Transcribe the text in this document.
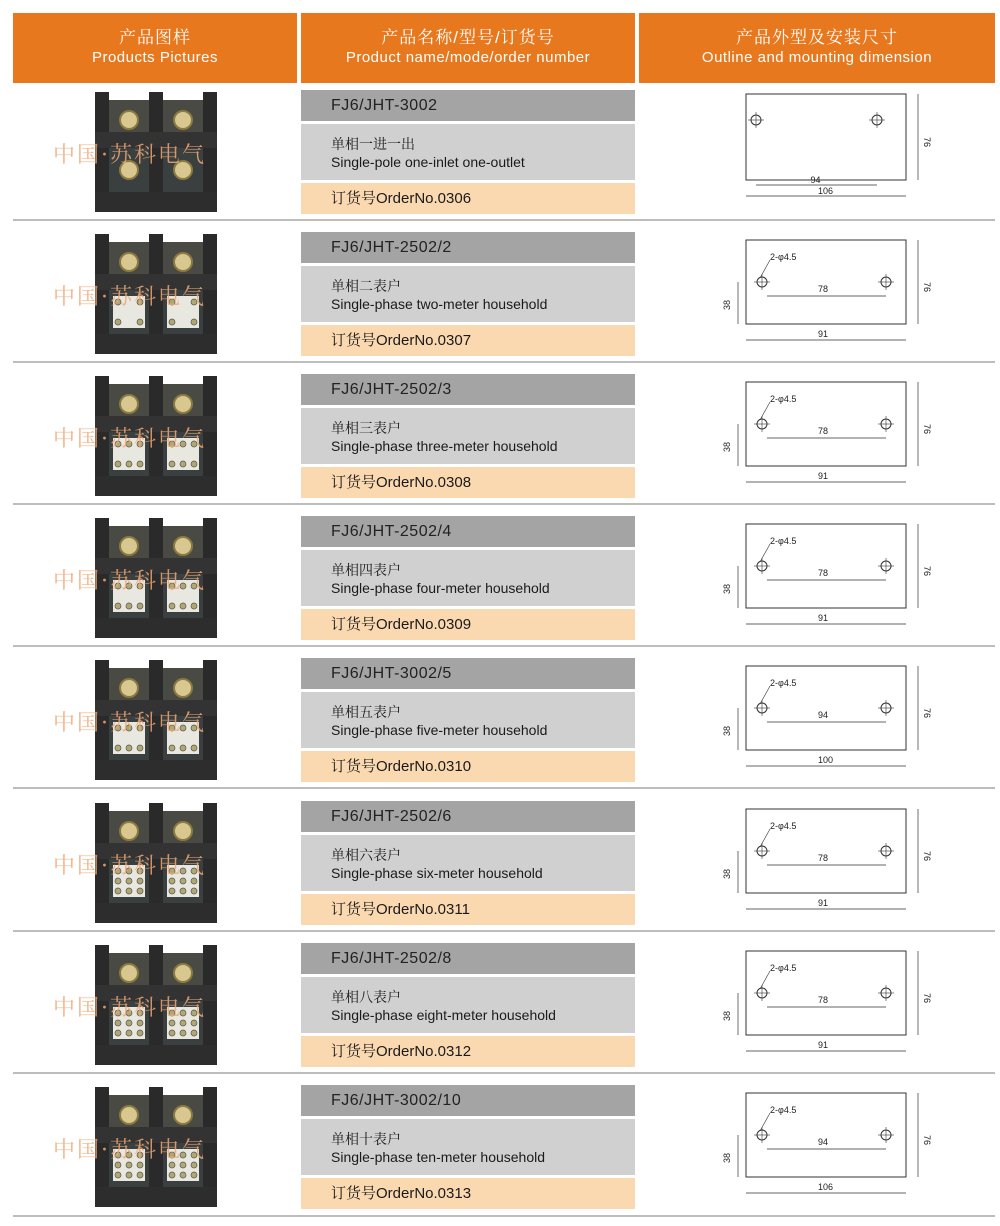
产品图样
Products Pictures
产品名称/型号/订货号
Product name/mode/order number
产品外型及安装尺寸
Outline and mounting dimension
中国·苏科电气
FJ6/JHT-3002
单相一进一出
Single-pole one-inlet one-outlet
订货号OrderNo.0306
76
94
106
中国·苏科电气
FJ6/JHT-2502/2
单相二表户
Single-phase two-meter household
订货号OrderNo.0307
76
78
38
2-φ4.5
91
中国·苏科电气
FJ6/JHT-2502/3
单相三表户
Single-phase three-meter household
订货号OrderNo.0308
76
78
38
2-φ4.5
91
中国·苏科电气
FJ6/JHT-2502/4
单相四表户
Single-phase four-meter household
订货号OrderNo.0309
76
78
38
2-φ4.5
91
中国·苏科电气
FJ6/JHT-3002/5
单相五表户
Single-phase five-meter household
订货号OrderNo.0310
76
94
38
2-φ4.5
100
中国·苏科电气
FJ6/JHT-2502/6
单相六表户
Single-phase six-meter household
订货号OrderNo.0311
76
78
38
2-φ4.5
91
中国·苏科电气
FJ6/JHT-2502/8
单相八表户
Single-phase eight-meter household
订货号OrderNo.0312
76
78
38
2-φ4.5
91
中国·苏科电气
FJ6/JHT-3002/10
单相十表户
Single-phase ten-meter household
订货号OrderNo.0313
76
94
38
2-φ4.5
106
